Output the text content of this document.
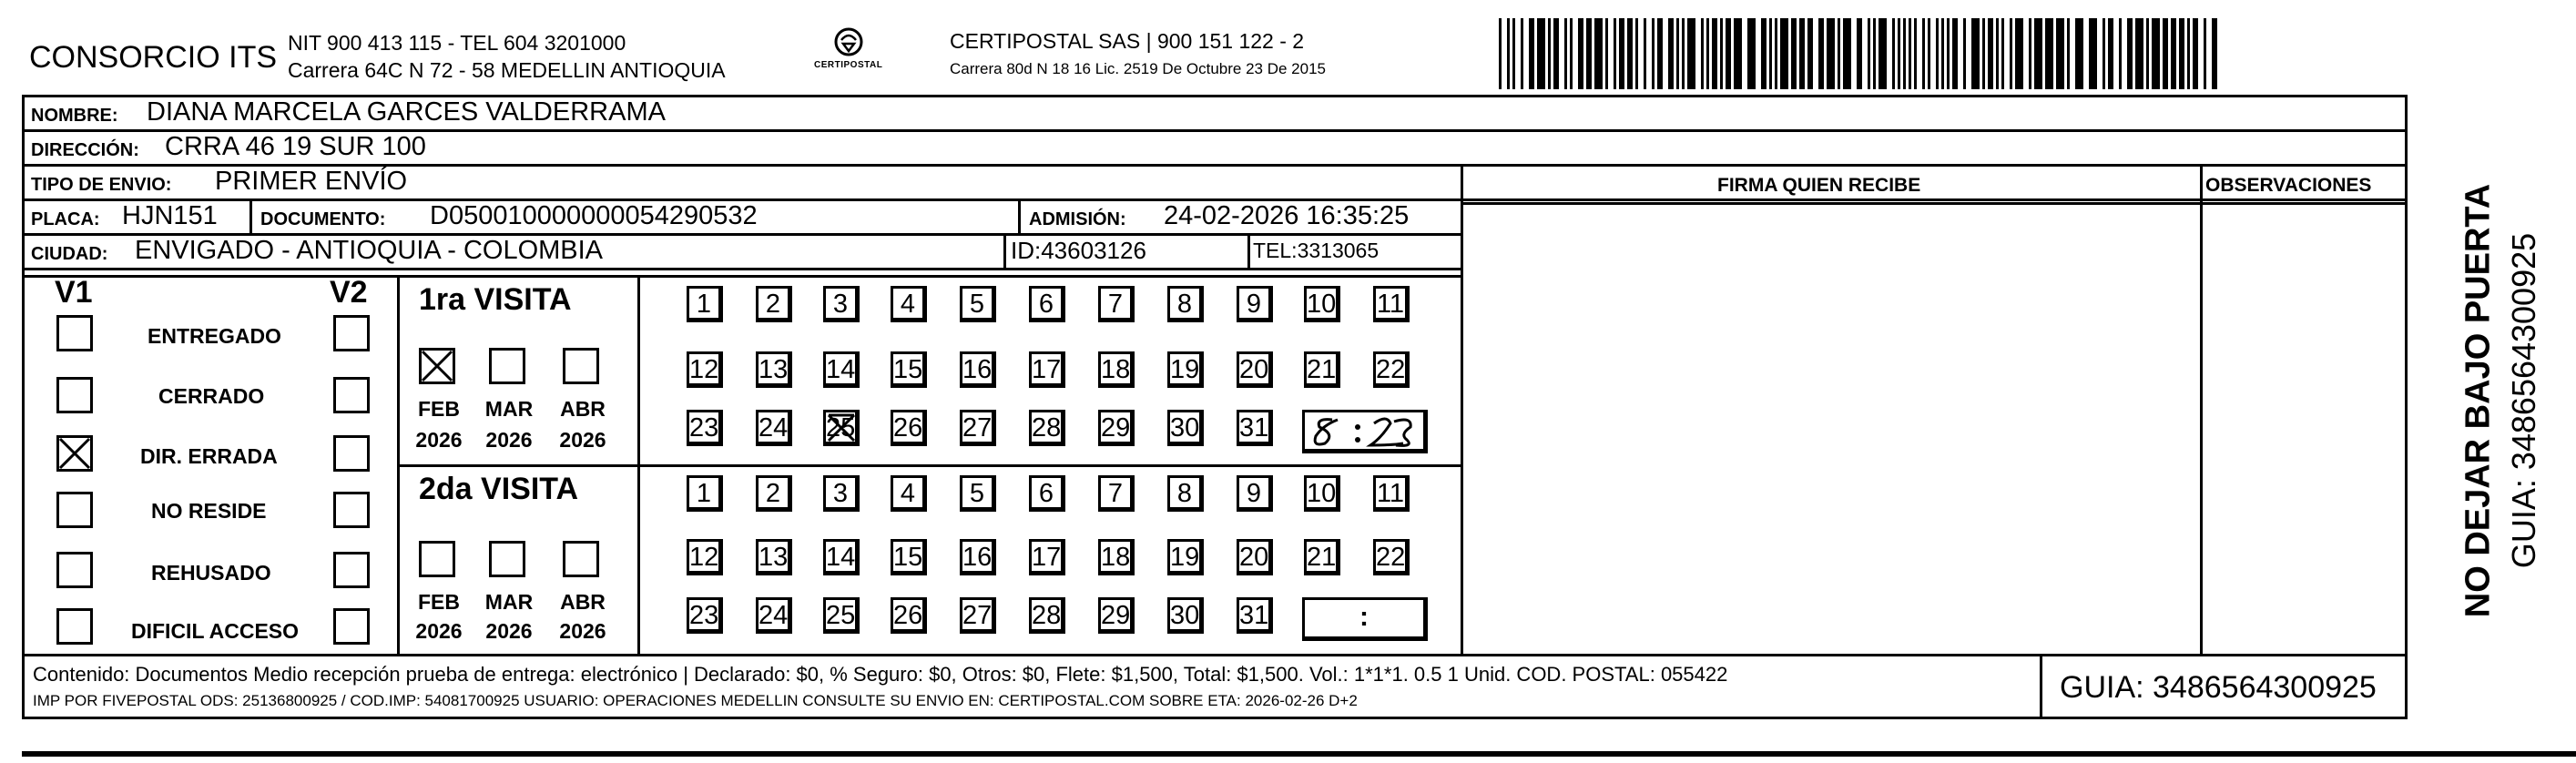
CONSORCIO ITS NIT 900 413 115 - TEL 604 3201000
Carrera 64C N 72 - 58 MEDELLIN ANTIOQUIA	CERTIPOSTAL
CERTIPOSTAL SAS | 900 151 122 - 2
Carrera 80d N 18 16 Lic. 2519 De Octubre 23 De 2015
NOMBRE: DIANA MARCELA GARCES VALDERRAMA
DIRECCIÓN: CRRA 46 19 SUR 100
TIPO DE ENVIO: PRIMER ENVÍO
PLACA: HJN151 DOCUMENTO: D050010000000054290532	ADMISIÓN: 24-02-2026 16:35:25
CIUDAD: ENVIGADO - ANTIOQUIA - COLOMBIA	ID:43603126	TEL:3313065
FIRMA QUIEN RECIBE	OBSERVACIONES
V1	V2
ENTREGADO
CERRADO
DIR. ERRADA
NO RESIDE
REHUSADO
DIFICIL ACCESO
1ra VISITA
FEB	MAR ABR
2026 2026 2026
2da VISITA
FEB	MAR ABR
2026 2026 2026
1	2	3	4	5	6	7	8	9	10 11
12 13 14 15 16 17 18 19 20 21 22
23 24 25 26 27 28 29 30 31
1	2	3	4	5	6	7	8	9	10 11
12 13 14 15 16 17 18 19 20 21 22
23 24 25 26 27 28 29 30 31	:
Contenido: Documentos Medio recepción prueba de entrega: electrónico | Declarado: $0, % Seguro: $0, Otros: $0, Flete: $1,500, Total: $1,500. Vol.: 1*1*1. 0.5 1 Unid. COD. POSTAL: 055422
IMP POR FIVEPOSTAL ODS: 25136800925 / COD.IMP: 54081700925 USUARIO: OPERACIONES MEDELLIN CONSULTE SU ENVIO EN: CERTIPOSTAL.COM SOBRE ETA: 2026-02-26 D+2	GUIA: 3486564300925
NO DEJAR BAJO PUERTA GUIA: 3486564300925
